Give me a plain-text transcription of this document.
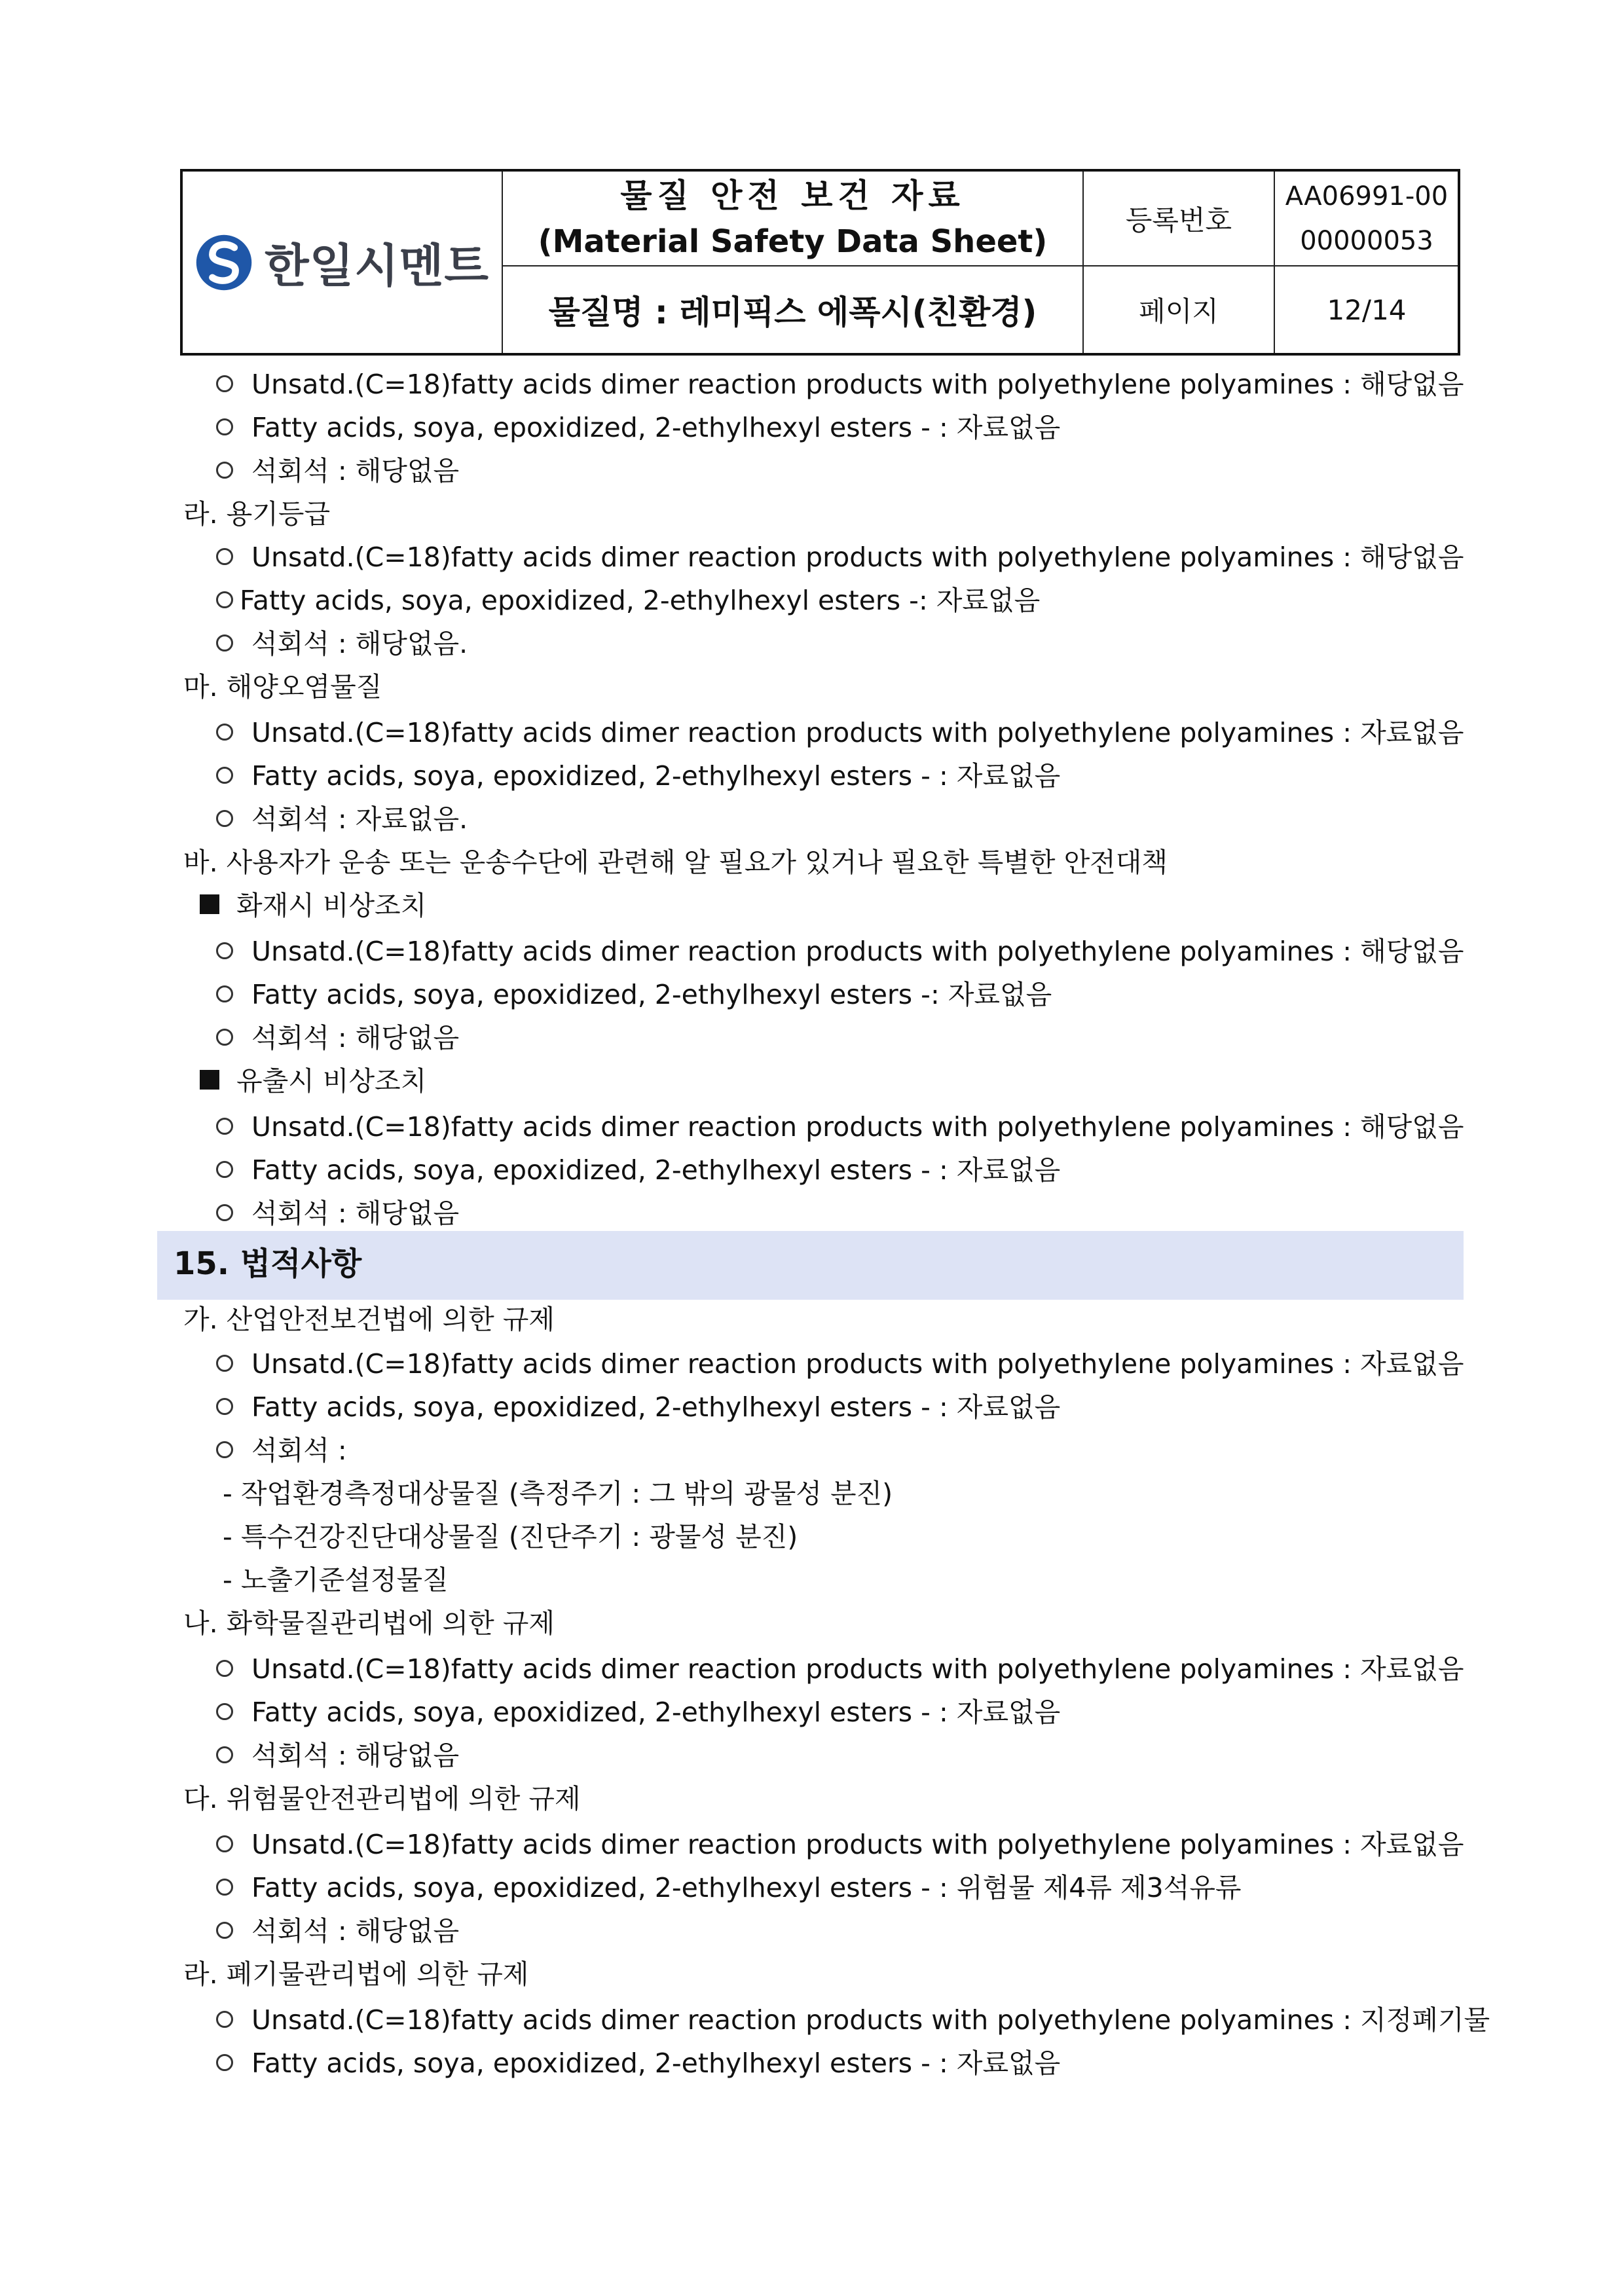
한일시멘트
물질 안전 보건 자료
(Material Safety Data Sheet)
물질명 : 레미픽스 에폭시(친환경)
등록번호
AA06991-00
00000053
페이지	12/14
Unsatd.(C=18)fatty acids dimer reaction products with polyethylene polyamines : 해당없음
Fatty acids, soya, epoxidized, 2-ethylhexyl esters - : 자료없음
석회석 : 해당없음
라. 용기등급
Unsatd.(C=18)fatty acids dimer reaction products with polyethylene polyamines : 해당없음
Fatty acids, soya, epoxidized, 2-ethylhexyl esters -: 자료없음
석회석 : 해당없음.
마. 해양오염물질
Unsatd.(C=18)fatty acids dimer reaction products with polyethylene polyamines : 자료없음
Fatty acids, soya, epoxidized, 2-ethylhexyl esters - : 자료없음
석회석 : 자료없음.
바. 사용자가 운송 또는 운송수단에 관련해 알 필요가 있거나 필요한 특별한 안전대책
화재시 비상조치
Unsatd.(C=18)fatty acids dimer reaction products with polyethylene polyamines : 해당없음
Fatty acids, soya, epoxidized, 2-ethylhexyl esters -: 자료없음
석회석 : 해당없음
유출시 비상조치
Unsatd.(C=18)fatty acids dimer reaction products with polyethylene polyamines : 해당없음
Fatty acids, soya, epoxidized, 2-ethylhexyl esters - : 자료없음
석회석 : 해당없음
15. 법적사항
가. 산업안전보건법에 의한 규제
Unsatd.(C=18)fatty acids dimer reaction products with polyethylene polyamines : 자료없음
Fatty acids, soya, epoxidized, 2-ethylhexyl esters - : 자료없음
석회석 :
- 작업환경측정대상물질 (측정주기 : 그 밖의 광물성 분진)
- 특수건강진단대상물질 (진단주기 : 광물성 분진)
- 노출기준설정물질
나. 화학물질관리법에 의한 규제
Unsatd.(C=18)fatty acids dimer reaction products with polyethylene polyamines : 자료없음
Fatty acids, soya, epoxidized, 2-ethylhexyl esters - : 자료없음
석회석 : 해당없음
다. 위험물안전관리법에 의한 규제
Unsatd.(C=18)fatty acids dimer reaction products with polyethylene polyamines : 자료없음
Fatty acids, soya, epoxidized, 2-ethylhexyl esters - : 위험물 제4류 제3석유류
석회석 : 해당없음
라. 폐기물관리법에 의한 규제
Unsatd.(C=18)fatty acids dimer reaction products with polyethylene polyamines : 지정폐기물
Fatty acids, soya, epoxidized, 2-ethylhexyl esters - : 자료없음
